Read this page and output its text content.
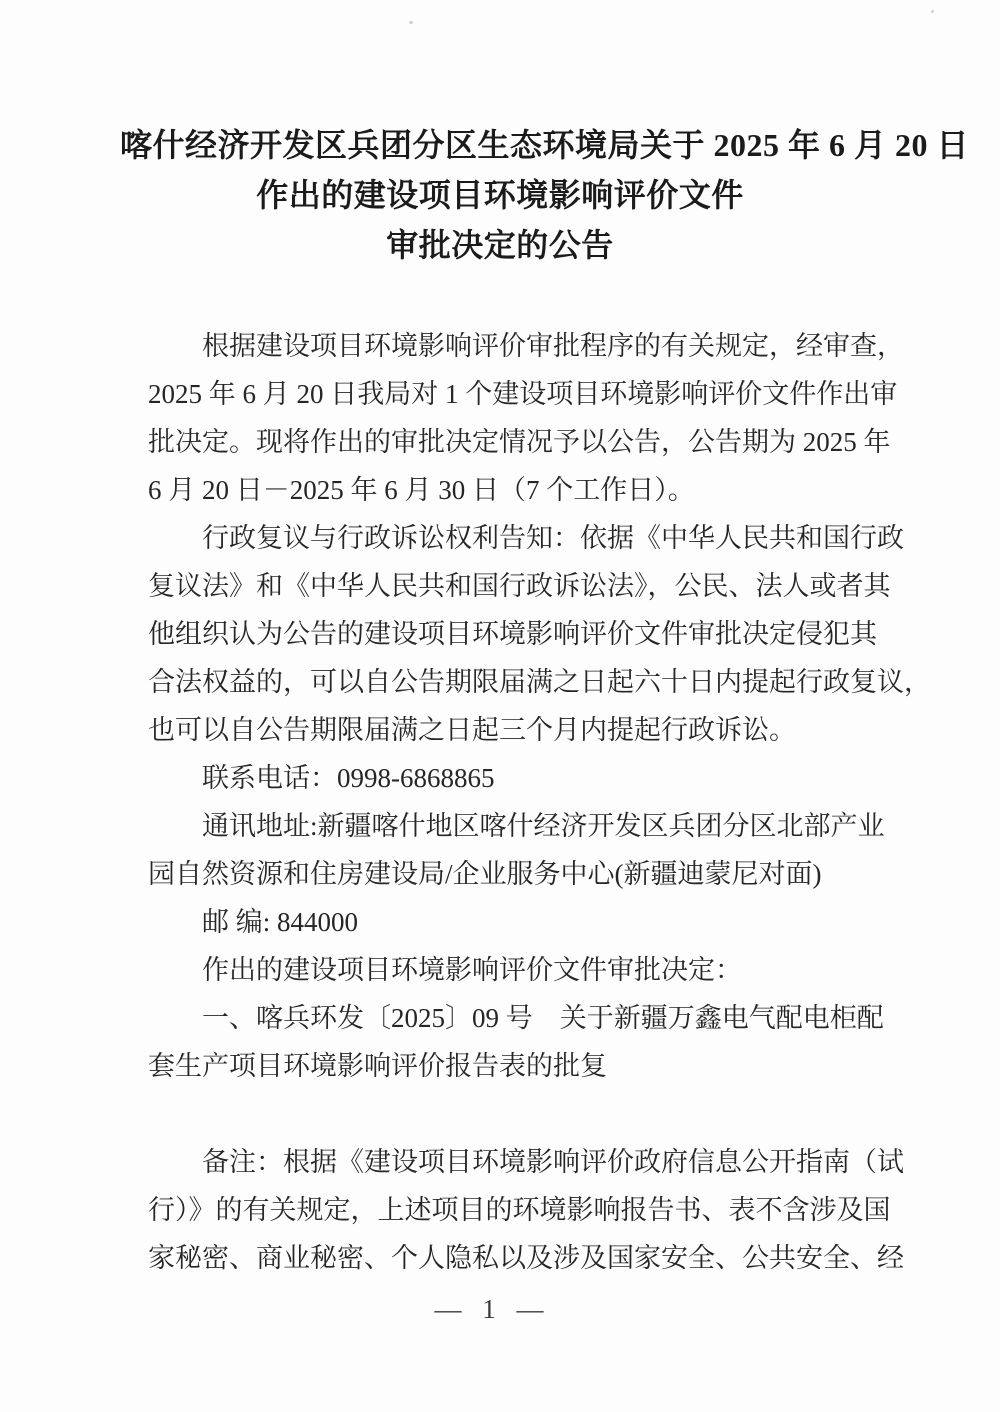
喀什经济开发区兵团分区生态环境局关于 2025 年 6 月 20 日
作出的建设项目环境影响评价文件
审批决定的公告

根据建设项目环境影响评价审批程序的有关规定，经审查，
2025 年 6 月 20 日我局对 1 个建设项目环境影响评价文件作出审
批决定。现将作出的审批决定情况予以公告，公告期为 2025 年
6 月 20 日－2025 年 6 月 30 日（7 个工作日）。

行政复议与行政诉讼权利告知：依据《中华人民共和国行政
复议法》和《中华人民共和国行政诉讼法》，公民、法人或者其
他组织认为公告的建设项目环境影响评价文件审批决定侵犯其
合法权益的，可以自公告期限届满之日起六十日内提起行政复议，
也可以自公告期限届满之日起三个月内提起行政诉讼。

联系电话：0998-6868865

通讯地址:新疆喀什地区喀什经济开发区兵团分区北部产业
园自然资源和住房建设局/企业服务中心(新疆迪蒙尼对面)

邮 编: 844000

作出的建设项目环境影响评价文件审批决定：

一、喀兵环发〔2025〕09 号　关于新疆万鑫电气配电柜配
套生产项目环境影响评价报告表的批复

备注：根据《建设项目环境影响评价政府信息公开指南（试
行）》的有关规定，上述项目的环境影响报告书、表不含涉及国
家秘密、商业秘密、个人隐私以及涉及国家安全、公共安全、经

— 1 —
